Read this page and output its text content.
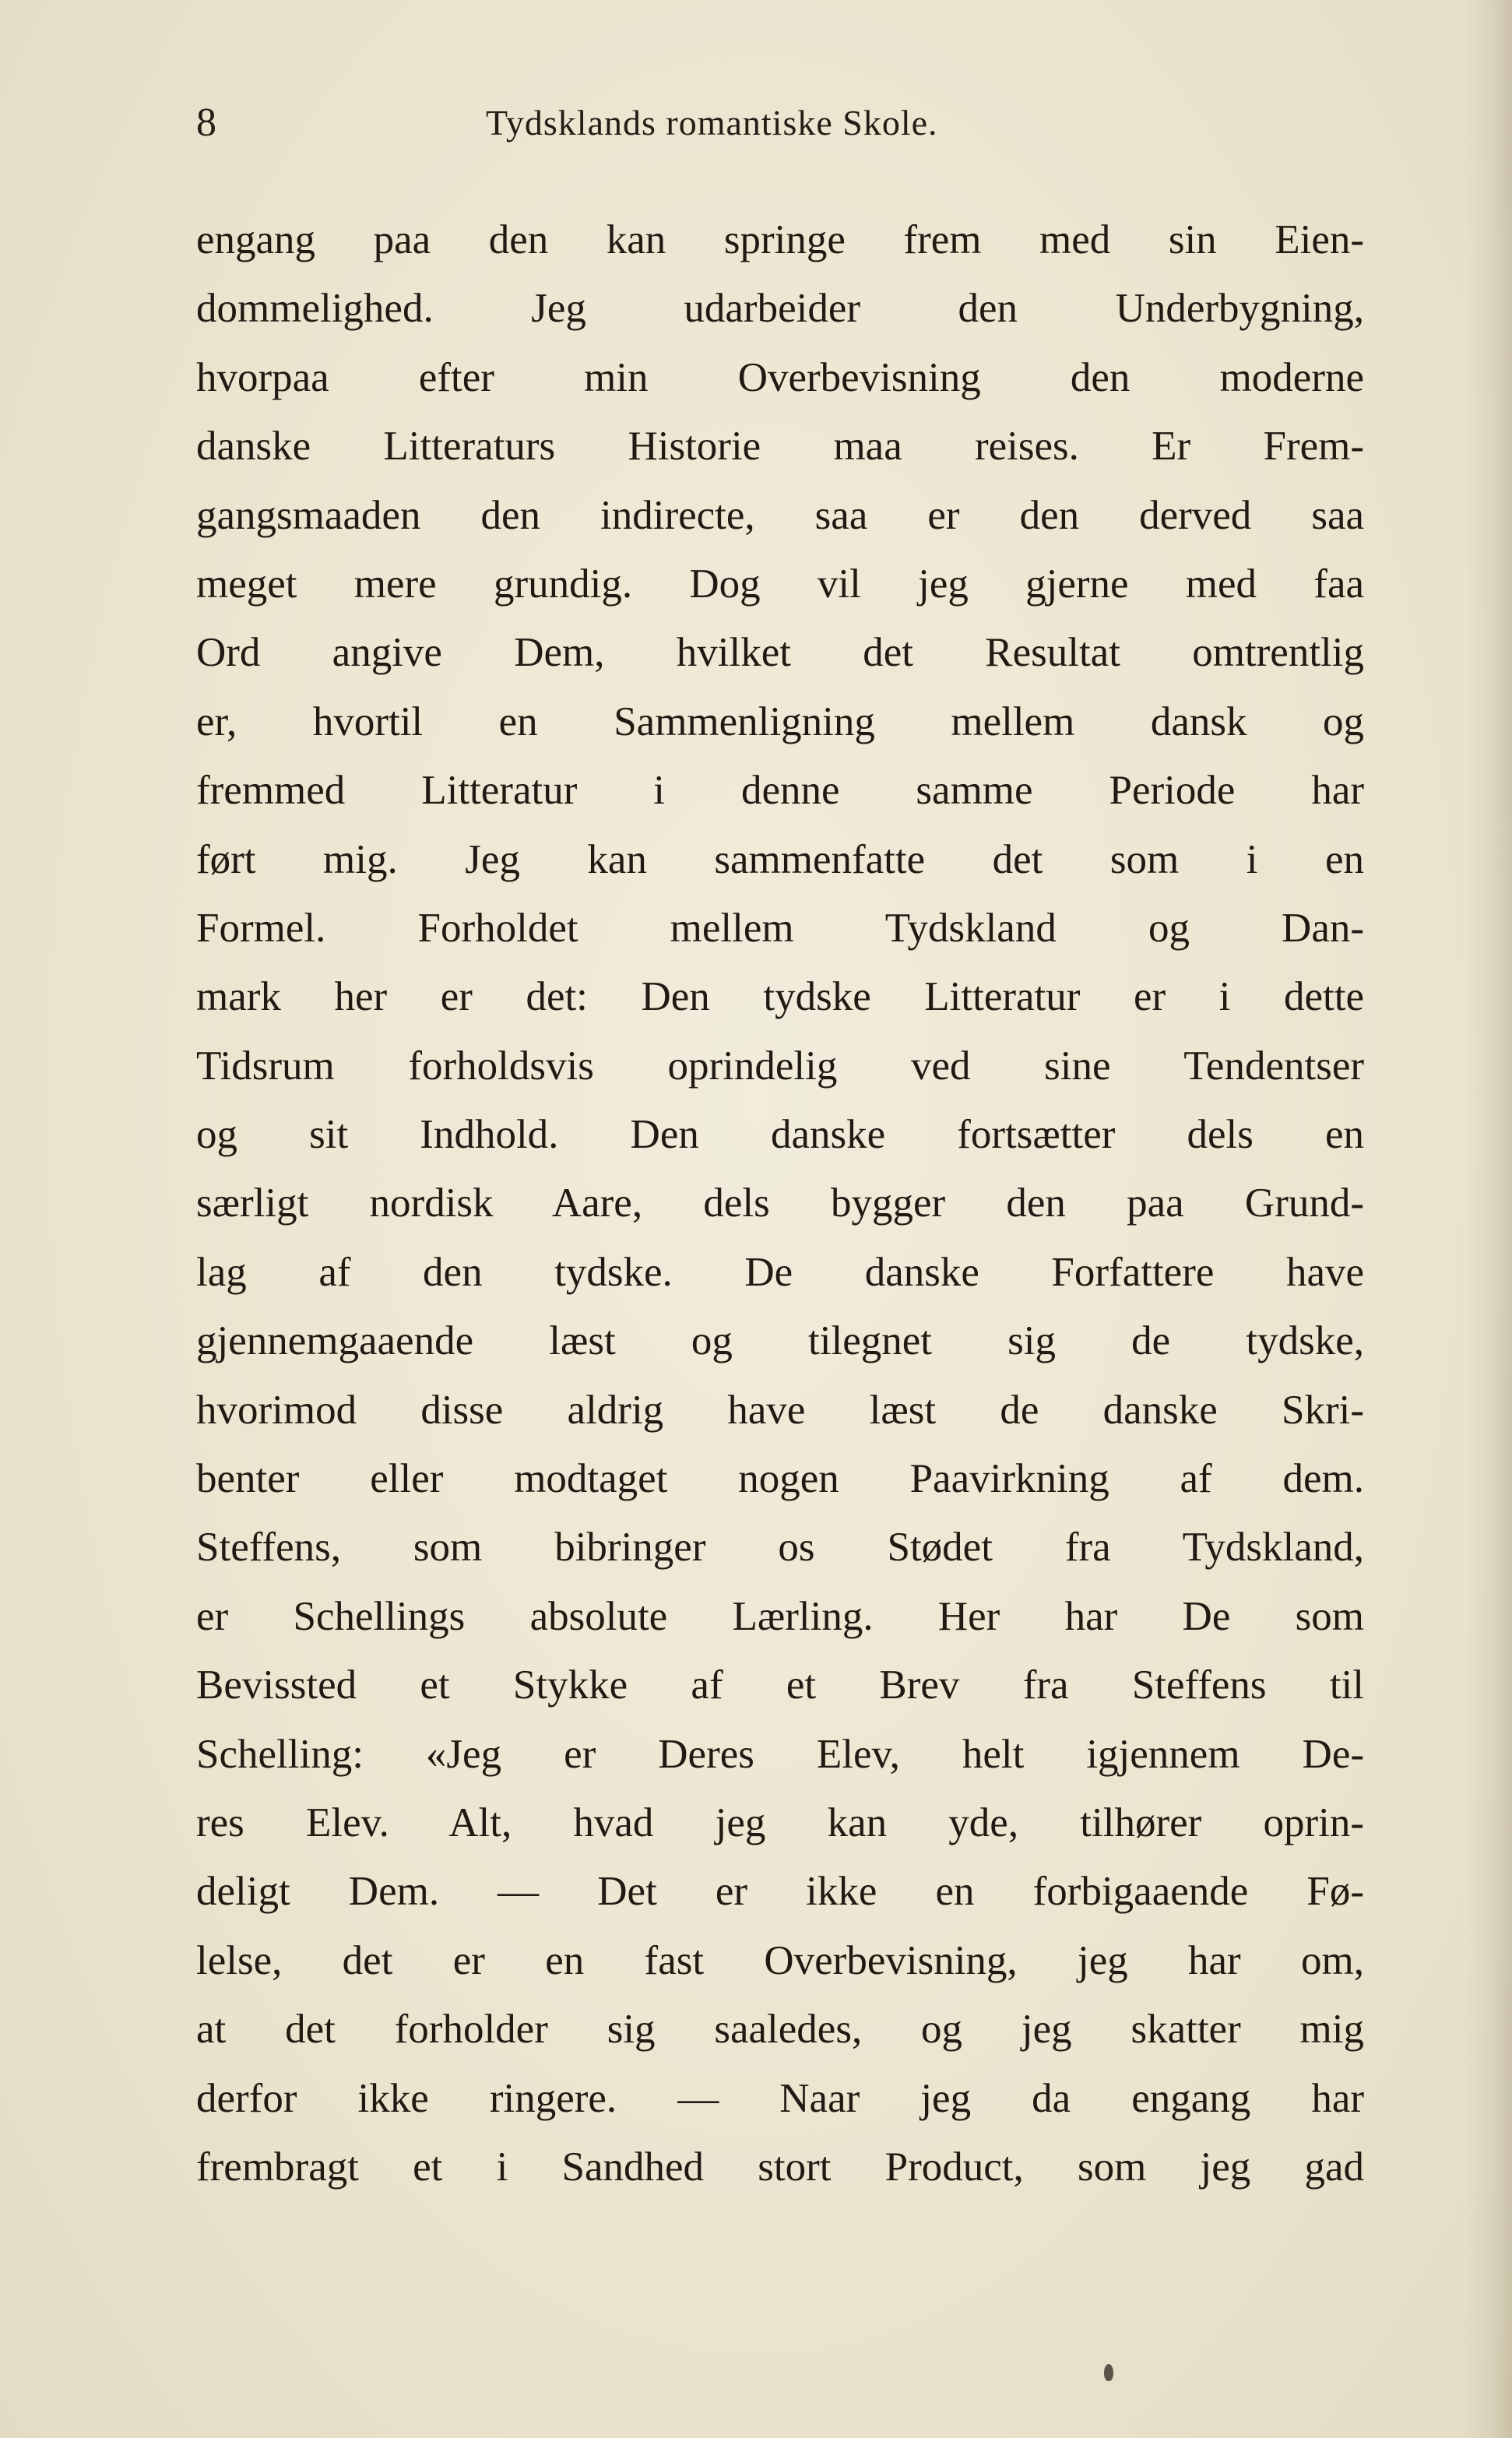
8	Tydsklands romantiske Skole.
engang paa den kan springe frem med sin Eien-
dommelighed. Jeg udarbeider den Underbygning,
hvorpaa efter min Overbevisning den moderne
danske Litteraturs Historie maa reises. Er Frem-
gangsmaaden den indirecte, saa er den derved saa
meget mere grundig. Dog vil jeg gjerne med faa
Ord angive Dem, hvilket det Resultat omtrentlig
er, hvortil en Sammenligning mellem dansk og
fremmed Litteratur i denne samme Periode har
ført mig. Jeg kan sammenfatte det som i en
Formel. Forholdet mellem Tydskland og Dan-
mark her er det: Den tydske Litteratur er i dette
Tidsrum forholdsvis oprindelig ved sine Tendentser
og sit Indhold. Den danske fortsætter dels en
særligt nordisk Aare, dels bygger den paa Grund-
lag af den tydske. De danske Forfattere have
gjennemgaaende læst og tilegnet sig de tydske,
hvorimod disse aldrig have læst de danske Skri-
benter eller modtaget nogen Paavirkning af dem.
Steffens, som bibringer os Stødet fra Tydskland,
er Schellings absolute Lærling. Her har De som
Bevissted et Stykke af et Brev fra Steffens til
Schelling: «Jeg er Deres Elev, helt igjennem De-
res Elev. Alt, hvad jeg kan yde, tilhører oprin-
deligt Dem. — Det er ikke en forbigaaende Fø-
lelse, det er en fast Overbevisning, jeg har om,
at det forholder sig saaledes, og jeg skatter mig
derfor ikke ringere. — Naar jeg da engang har
frembragt et i Sandhed stort Product, som jeg gad
